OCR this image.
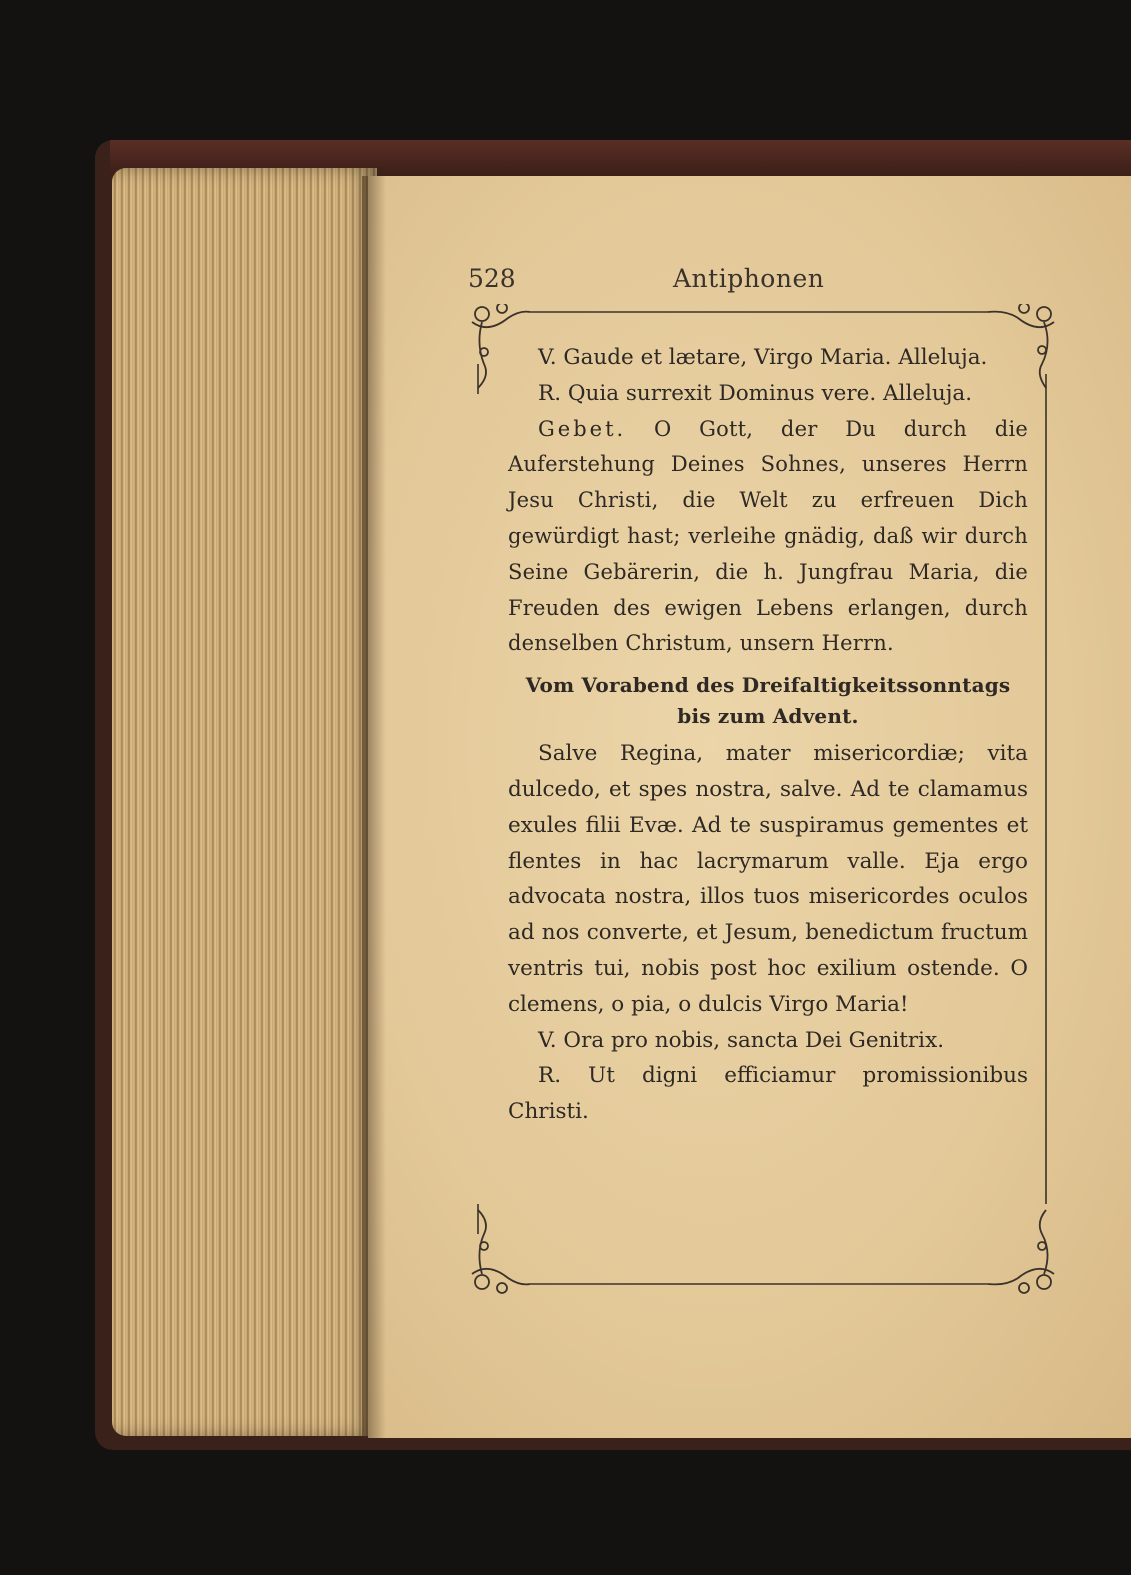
528	Antiphonen

V. Gaude et lætare, Virgo Maria. Alleluja.

R. Quia surrexit Dominus vere. Alleluja.

Gebet. O Gott, der Du durch die Auferstehung Deines Sohnes, unseres Herrn Jesu Christi, die Welt zu erfreuen Dich gewürdigt hast; verleihe gnädig, daß wir durch Seine Gebärerin, die h. Jungfrau Maria, die Freuden des ewigen Lebens erlangen, durch denselben Christum, unsern Herrn.

Vom Vorabend des Dreifaltigkeitssonntags
bis zum Advent.

Salve Regina, mater misericordiæ; vita dulcedo, et spes nostra, salve. Ad te clamamus exules filii Evæ. Ad te suspiramus gementes et flentes in hac lacrymarum valle. Eja ergo advocata nostra, illos tuos misericordes oculos ad nos converte, et Jesum, benedictum fructum ventris tui, nobis post hoc exilium ostende. O clemens, o pia, o dulcis Virgo Maria!

V. Ora pro nobis, sancta Dei Genitrix.

R. Ut digni efficiamur promissionibus Christi.
